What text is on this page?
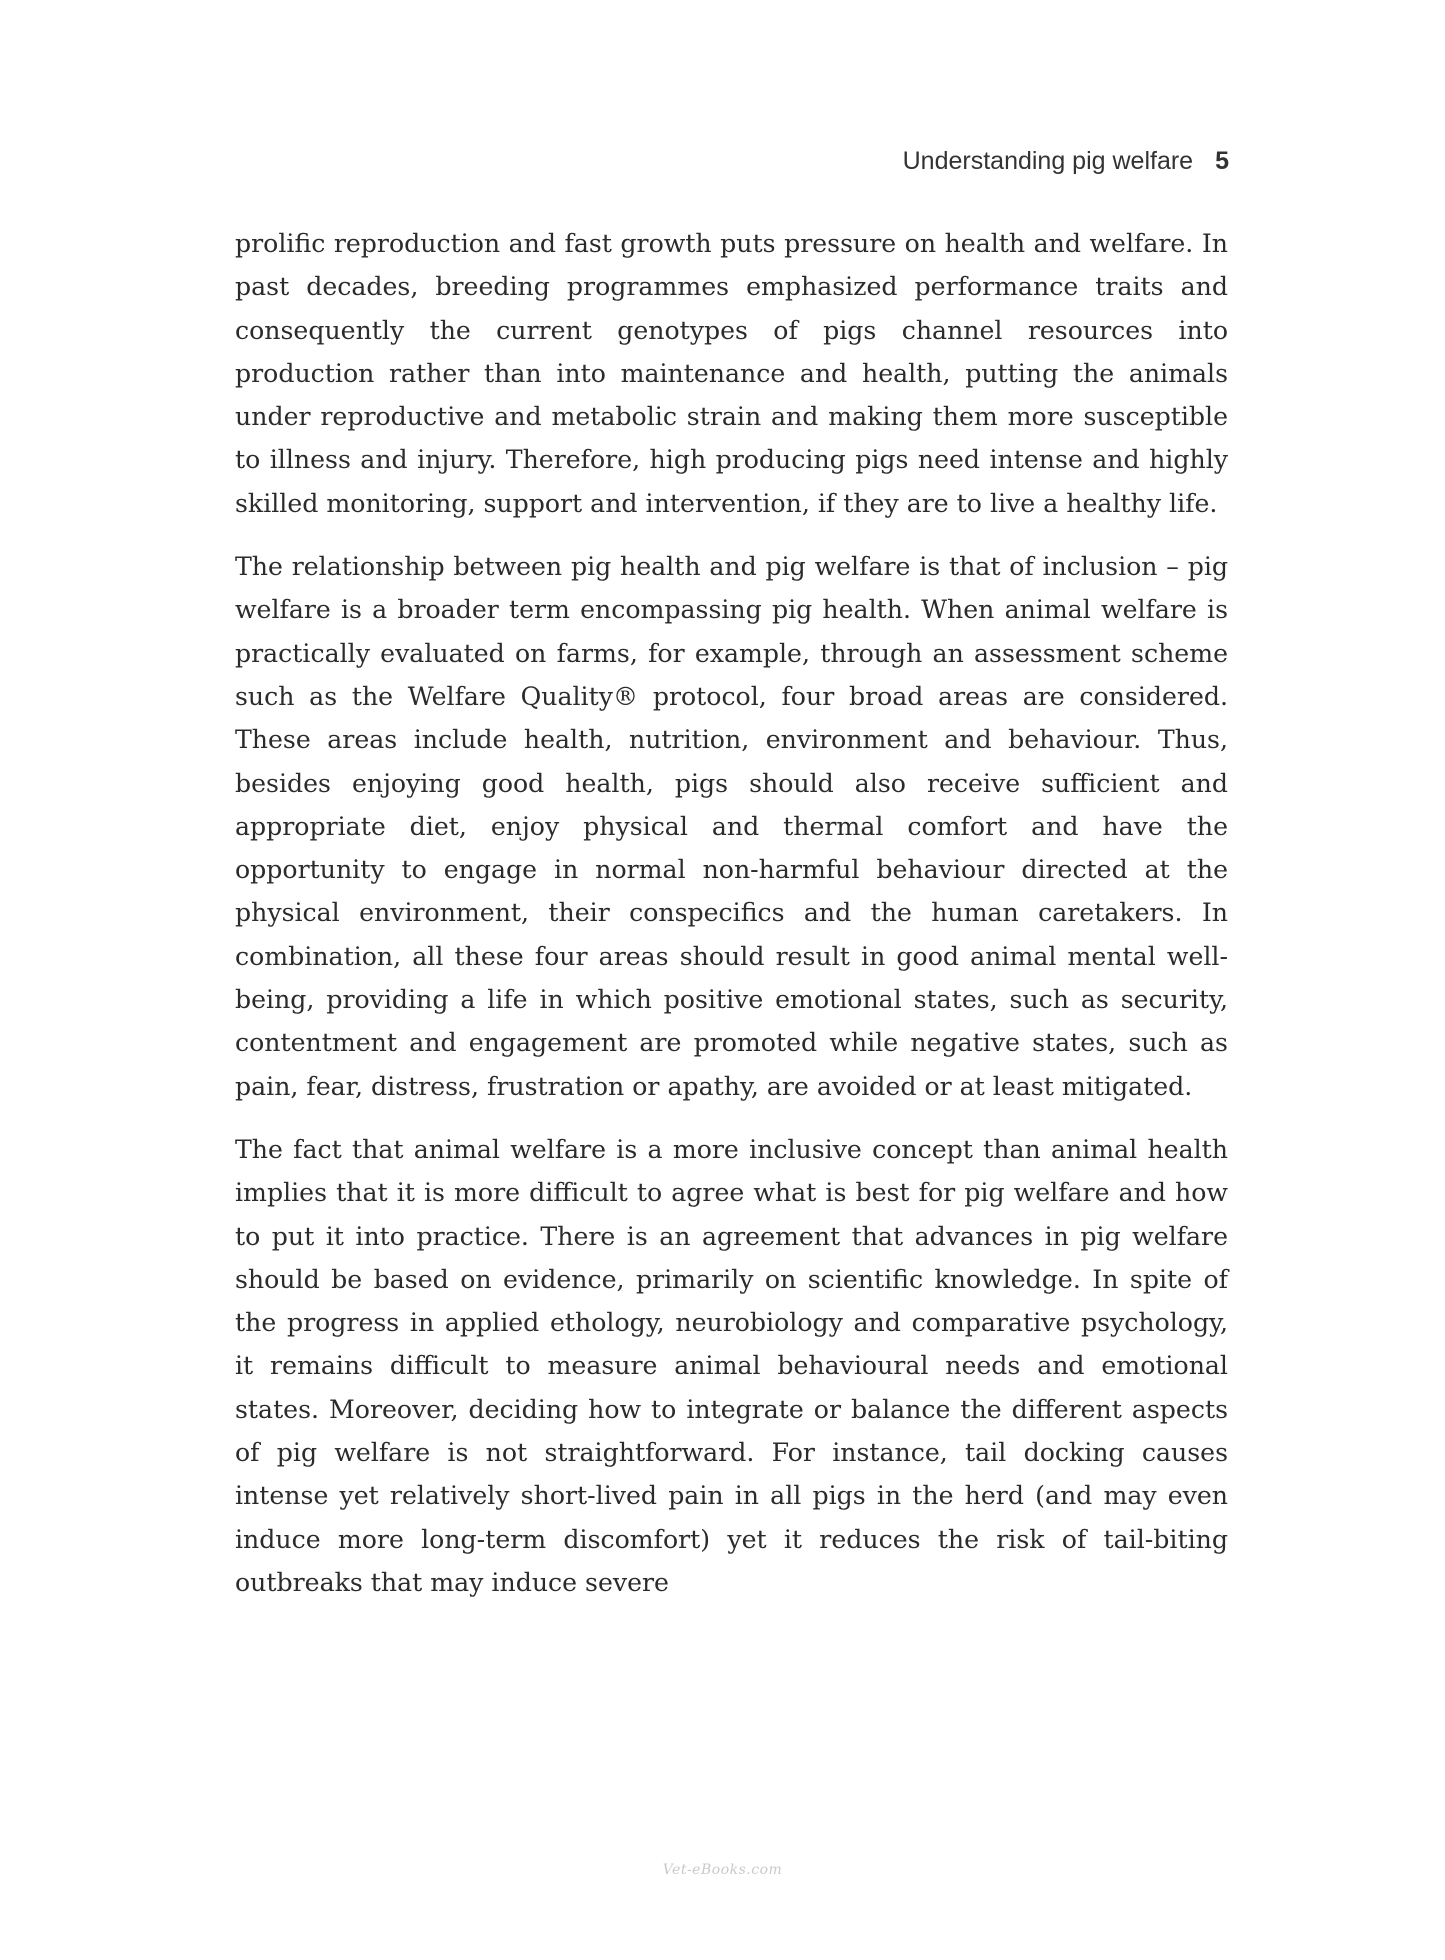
Understanding pig welfare 5

prolific reproduction and fast growth puts pressure on health and welfare. In past decades, breeding programmes emphasized performance traits and consequently the current genotypes of pigs channel resources into production rather than into maintenance and health, putting the animals under reproductive and metabolic strain and making them more susceptible to illness and injury. Therefore, high producing pigs need intense and highly skilled monitoring, support and intervention, if they are to live a healthy life.

The relationship between pig health and pig welfare is that of inclusion – pig welfare is a broader term encompassing pig health. When animal welfare is practically evaluated on farms, for example, through an assessment scheme such as the Welfare Quality® protocol, four broad areas are considered. These areas include health, nutrition, environment and behaviour. Thus, besides enjoying good health, pigs should also receive sufficient and appropriate diet, enjoy physical and thermal comfort and have the opportunity to engage in normal non-harmful behaviour directed at the physical environment, their conspecifics and the human caretakers. In combination, all these four areas should result in good animal mental well-being, providing a life in which positive emotional states, such as security, contentment and engagement are promoted while negative states, such as pain, fear, distress, frustration or apathy, are avoided or at least mitigated.

The fact that animal welfare is a more inclusive concept than animal health implies that it is more difficult to agree what is best for pig welfare and how to put it into practice. There is an agreement that advances in pig welfare should be based on evidence, primarily on scientific knowledge. In spite of the progress in applied ethology, neurobiology and comparative psychology, it remains difficult to measure animal behavioural needs and emotional states. Moreover, deciding how to integrate or balance the different aspects of pig welfare is not straightforward. For instance, tail docking causes intense yet relatively short-lived pain in all pigs in the herd (and may even induce more long-term discomfort) yet it reduces the risk of tail-biting outbreaks that may induce severe

Vet-eBooks.com
